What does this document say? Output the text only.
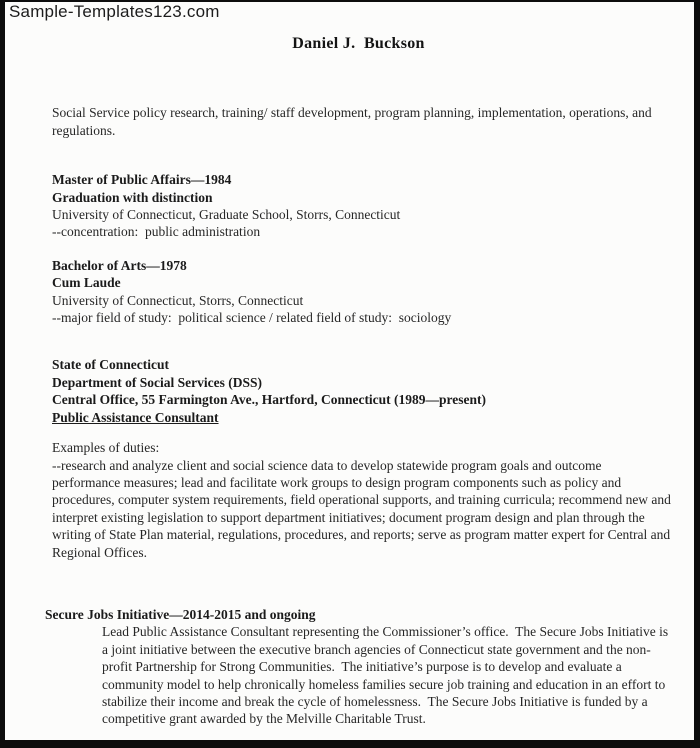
Sample-Templates123.com
Daniel J.  Buckson
Social Service policy research, training/ staff development, program planning, implementation, operations, and regulations.
Master of Public Affairs—1984
Graduation with distinction
University of Connecticut, Graduate School, Storrs, Connecticut
--concentration:  public administration
Bachelor of Arts—1978
Cum Laude
University of Connecticut, Storrs, Connecticut
--major field of study:  political science / related field of study:  sociology
State of Connecticut
Department of Social Services (DSS)
Central Office, 55 Farmington Ave., Hartford, Connecticut (1989—present)
Public Assistance Consultant
Examples of duties:
--research and analyze client and social science data to develop statewide program goals and outcome performance measures; lead and facilitate work groups to design program components such as policy and procedures, computer system requirements, field operational supports, and training curricula; recommend new and interpret existing legislation to support department initiatives; document program design and plan through the writing of State Plan material, regulations, procedures, and reports; serve as program matter expert for Central and  Regional Offices.
Secure Jobs Initiative—2014-2015 and ongoing
Lead Public Assistance Consultant representing the Commissioner’s office.  The Secure Jobs Initiative is a joint initiative between the executive branch agencies of Connecticut state government and the non-profit Partnership for Strong Communities.  The initiative’s purpose is to develop and evaluate a community model to help chronically homeless families secure job training and education in an effort to stabilize their income and break the cycle of homelessness.  The Secure Jobs Initiative is funded by a competitive grant awarded by the Melville Charitable Trust.
